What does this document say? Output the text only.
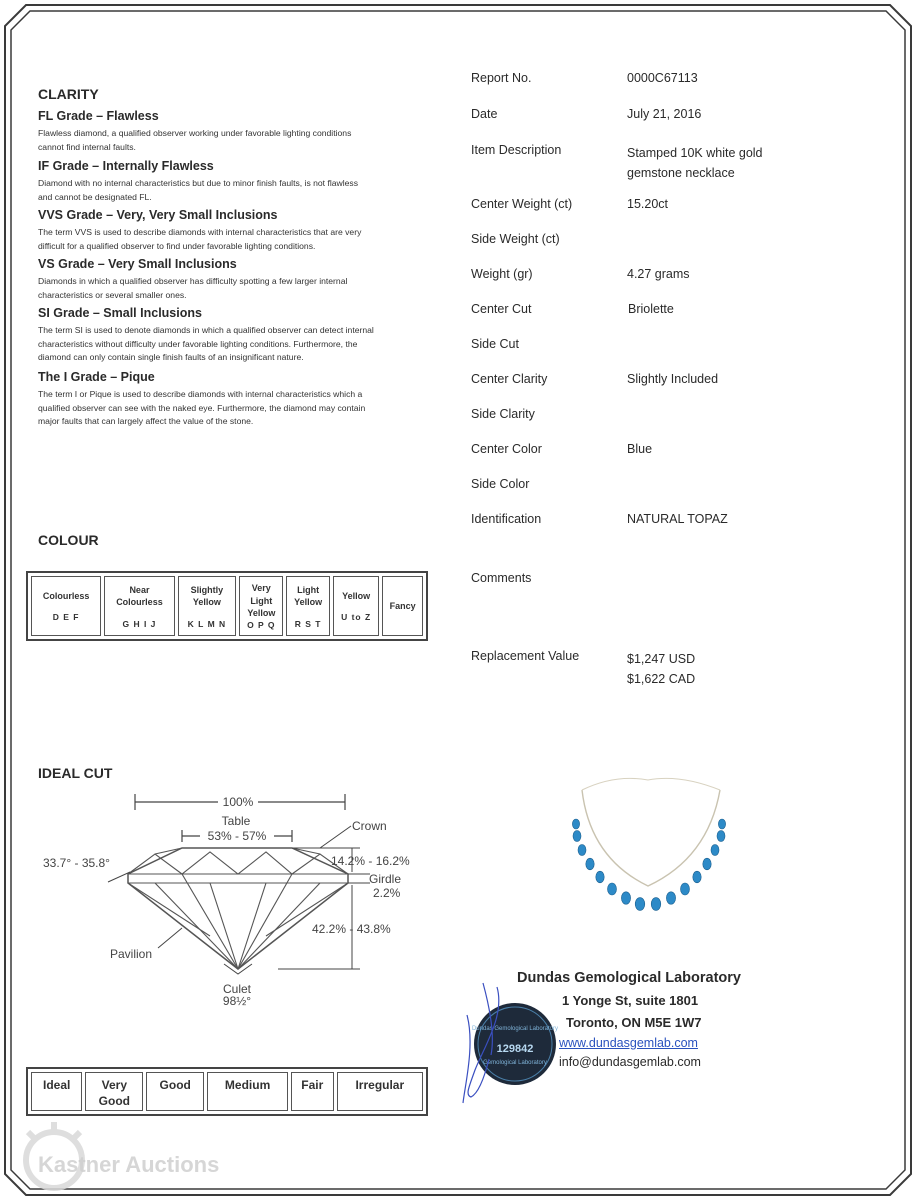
CLARITY
FL Grade – Flawless
Flawless diamond, a qualified observer working under favorable lighting conditions
cannot find internal faults.
IF Grade – Internally Flawless
Diamond with no internal characteristics but due to minor finish faults, is not flawless
and cannot be designated FL.
VVS Grade – Very, Very Small Inclusions
The term VVS is used to describe diamonds with internal characteristics that are very
difficult for a qualified observer to find under favorable lighting conditions.
VS Grade – Very Small Inclusions
Diamonds in which a qualified observer has difficulty spotting a few larger internal
characteristics or several smaller ones.
SI Grade – Small Inclusions
The term SI is used to denote diamonds in which a qualified observer can detect internal
characteristics without difficulty under favorable lighting conditions. Furthermore, the
diamond can only contain single finish faults of an insignificant nature.
The I Grade – Pique
The term I or Pique is used to describe diamonds with internal characteristics which a
qualified observer can see with the naked eye. Furthermore, the diamond may contain
major faults that can largely affect the value of the stone.
COLOUR
Colourless
D E F

Near
Colourless
G H I J

Slightly
Yellow
K L M N

Very
Light
Yellow
O P Q

Light
Yellow
R S T

Yellow
U to Z

Fancy
IDEAL CUT
100%
Table
53% - 57%
Crown
33.7° - 35.8°	14.2% - 16.2%
Girdle
2.2%
42.2% - 43.8%
Pavilion
Culet
98½°
Ideal	Very
Good

Good	Medium	Fair	Irregular
Report No.	0000C67113
Date	July 21, 2016
Item Description	Stamped 10K white gold
gemstone necklace
Center Weight (ct)	15.20ct
Side Weight (ct)
Weight (gr)	4.27 grams
Center Cut	Briolette
Side Cut
Center Clarity	Slightly Included
Side Clarity
Center Color	Blue
Side Color
Identification	NATURAL TOPAZ
Comments
Replacement Value	$1,247 USD
$1,622 CAD
Dundas Gemological Laboratory
1 Yonge St, suite 1801
Toronto, ON M5E 1W7
www.dundasgemlab.com
info@dundasgemlab.com
Dundas Gemological Laboratory
129842
Gemological Laboratory
Kastner Auctions
